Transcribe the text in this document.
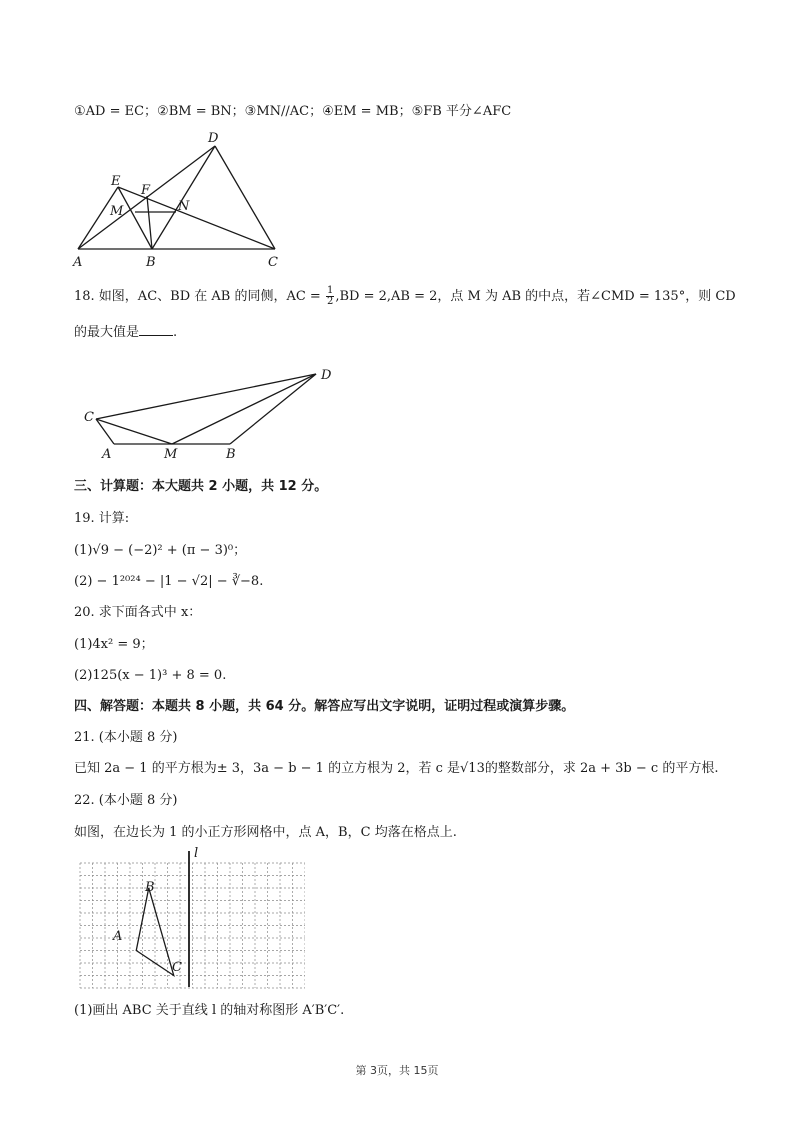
①AD = EC；②BM = BN；③MN//AC；④EM = MB；⑤FB 平分∠AFC
D
E
F
M	N
A	B	C
18. 如图，AC、BD 在 AB 的同侧，AC = $\frac{1}{2} ,BD = 2,AB = 2$，点 M 为 AB 的中点，若∠CMD = 135°，则 CD
的最大值是	.
D
C
A	M	B
三、计算题：本大题共 2 小题，共 12 分。
19. 计算:
(1)√9 − (−2)² + (π − 3)⁰；
(2) − 1²⁰²⁴ − |1 − √2| − ∛−8.
20. 求下面各式中 x：
(1)4x² = 9；
(2)125(x − 1)³ + 8 = 0.
四、解答题：本题共 8 小题，共 64 分。解答应写出文字说明，证明过程或演算步骤。
21. (本小题 8 分)
已知 2a − 1 的平方根为± 3，3a − b − 1 的立方根为 2，若 c 是√13的整数部分，求 2a + 3b − c 的平方根.
22. (本小题 8 分)
如图，在边长为 1 的小正方形网格中，点 A，B，C 均落在格点上.
l
B
A
C
(1)画出 ABC 关于直线 l 的轴对称图形 A′B′C′.
第 3页，共 15页
